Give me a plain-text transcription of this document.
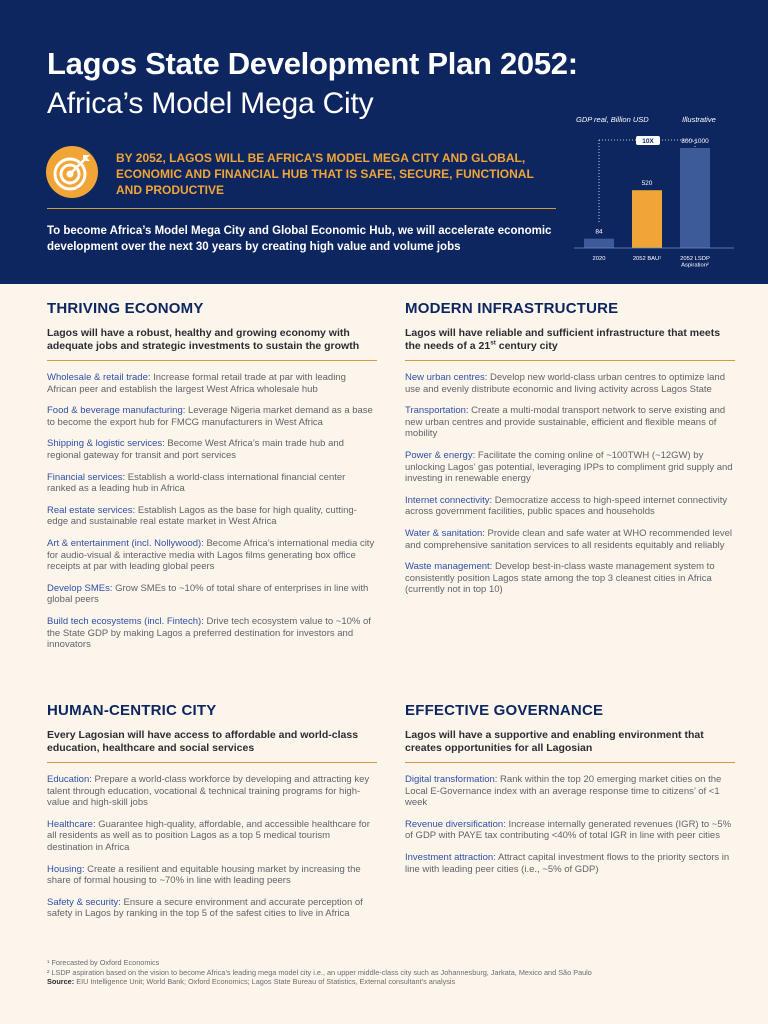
Lagos State Development Plan 2052:
Africa’s Model Mega City
BY 2052, LAGOS WILL BE AFRICA’S MODEL MEGA CITY AND GLOBAL, ECONOMIC AND FINANCIAL HUB THAT IS SAFE, SECURE, FUNCTIONAL AND PRODUCTIVE
To become Africa’s Model Mega City and Global Economic Hub, we will accelerate economic development over the next 30 years by creating high value and volume jobs
GDP real, Billion USD	Illustrative
84
2020
520
2052 BAU¹
800-1000
2052 LSDP Aspiration²
10X
THRIVING ECONOMY
Lagos will have a robust, healthy and growing economy with adequate jobs and strategic investments to sustain the growth
Wholesale & retail trade: Increase formal retail trade at par with leading African peer and establish the largest West Africa wholesale hub
Food & beverage manufacturing: Leverage Nigeria market demand as a base to become the export hub for FMCG manufacturers in West Africa
Shipping & logistic services: Become West Africa’s main trade hub and regional gateway for transit and port services
Financial services: Establish a world-class international financial center ranked as a leading hub in Africa
Real estate services: Establish Lagos as the base for high quality, cutting-edge and sustainable real estate market in West Africa
Art & entertainment (incl. Nollywood): Become Africa’s international media city for audio-visual & interactive media with Lagos films generating box office receipts at par with leading global peers
Develop SMEs: Grow SMEs to ~10% of total share of enterprises in line with global peers
Build tech ecosystems (incl. Fintech): Drive tech ecosystem value to ~10% of the State GDP by making Lagos a preferred destination for investors and innovators
MODERN INFRASTRUCTURE
Lagos will have reliable and sufficient infrastructure that meets the needs of a 21st century city
New urban centres: Develop new world-class urban centres to optimize land use and evenly distribute economic and living activity across Lagos State
Transportation: Create a multi-modal transport network to serve existing and new urban centres and provide sustainable, efficient and flexible means of mobility
Power & energy: Facilitate the coming online of ~100TWH (~12GW) by unlocking Lagos’ gas potential, leveraging IPPs to compliment grid supply and investing in renewable energy
Internet connectivity: Democratize access to high-speed internet connectivity across government facilities, public spaces and households
Water & sanitation: Provide clean and safe water at WHO recommended level and comprehensive sanitation services to all residents equitably and reliably
Waste management: Develop best-in-class waste management system to consistently position Lagos state among the top 3 cleanest cities in Africa (currently not in top 10)
HUMAN-CENTRIC CITY
Every Lagosian will have access to affordable and world-class education, healthcare and social services
Education: Prepare a world-class workforce by developing and attracting key talent through education, vocational & technical training programs for high-value and high-skill jobs
Healthcare: Guarantee high-quality, affordable, and accessible healthcare for all residents as well as to position Lagos as a top 5 medical tourism destination in Africa
Housing: Create a resilient and equitable housing market by increasing the share of formal housing to ~70% in line with leading peers
Safety & security: Ensure a secure environment and accurate perception of safety in Lagos by ranking in the top 5 of the safest cities to live in Africa
EFFECTIVE GOVERNANCE
Lagos will have a supportive and enabling environment that creates opportunities for all Lagosian
Digital transformation: Rank within the top 20 emerging market cities on the Local E-Governance index with an average response time to citizens’ of <1 week
Revenue diversification: Increase internally generated revenues (IGR) to ~5% of GDP with PAYE tax contributing <40% of total IGR in line with peer cities
Investment attraction: Attract capital investment flows to the priority sectors in line with leading peer cities (i.e., ~5% of GDP)
¹ Forecasted by Oxford Economics
² LSDP aspiration based on the vision to become Africa’s leading mega model city i.e., an upper middle-class city such as Johannesburg, Jarkata, Mexico and São Paulo
Source: EIU Intelligence Unit; World Bank; Oxford Economics; Lagos State Bureau of Statistics, External consultant’s analysis
